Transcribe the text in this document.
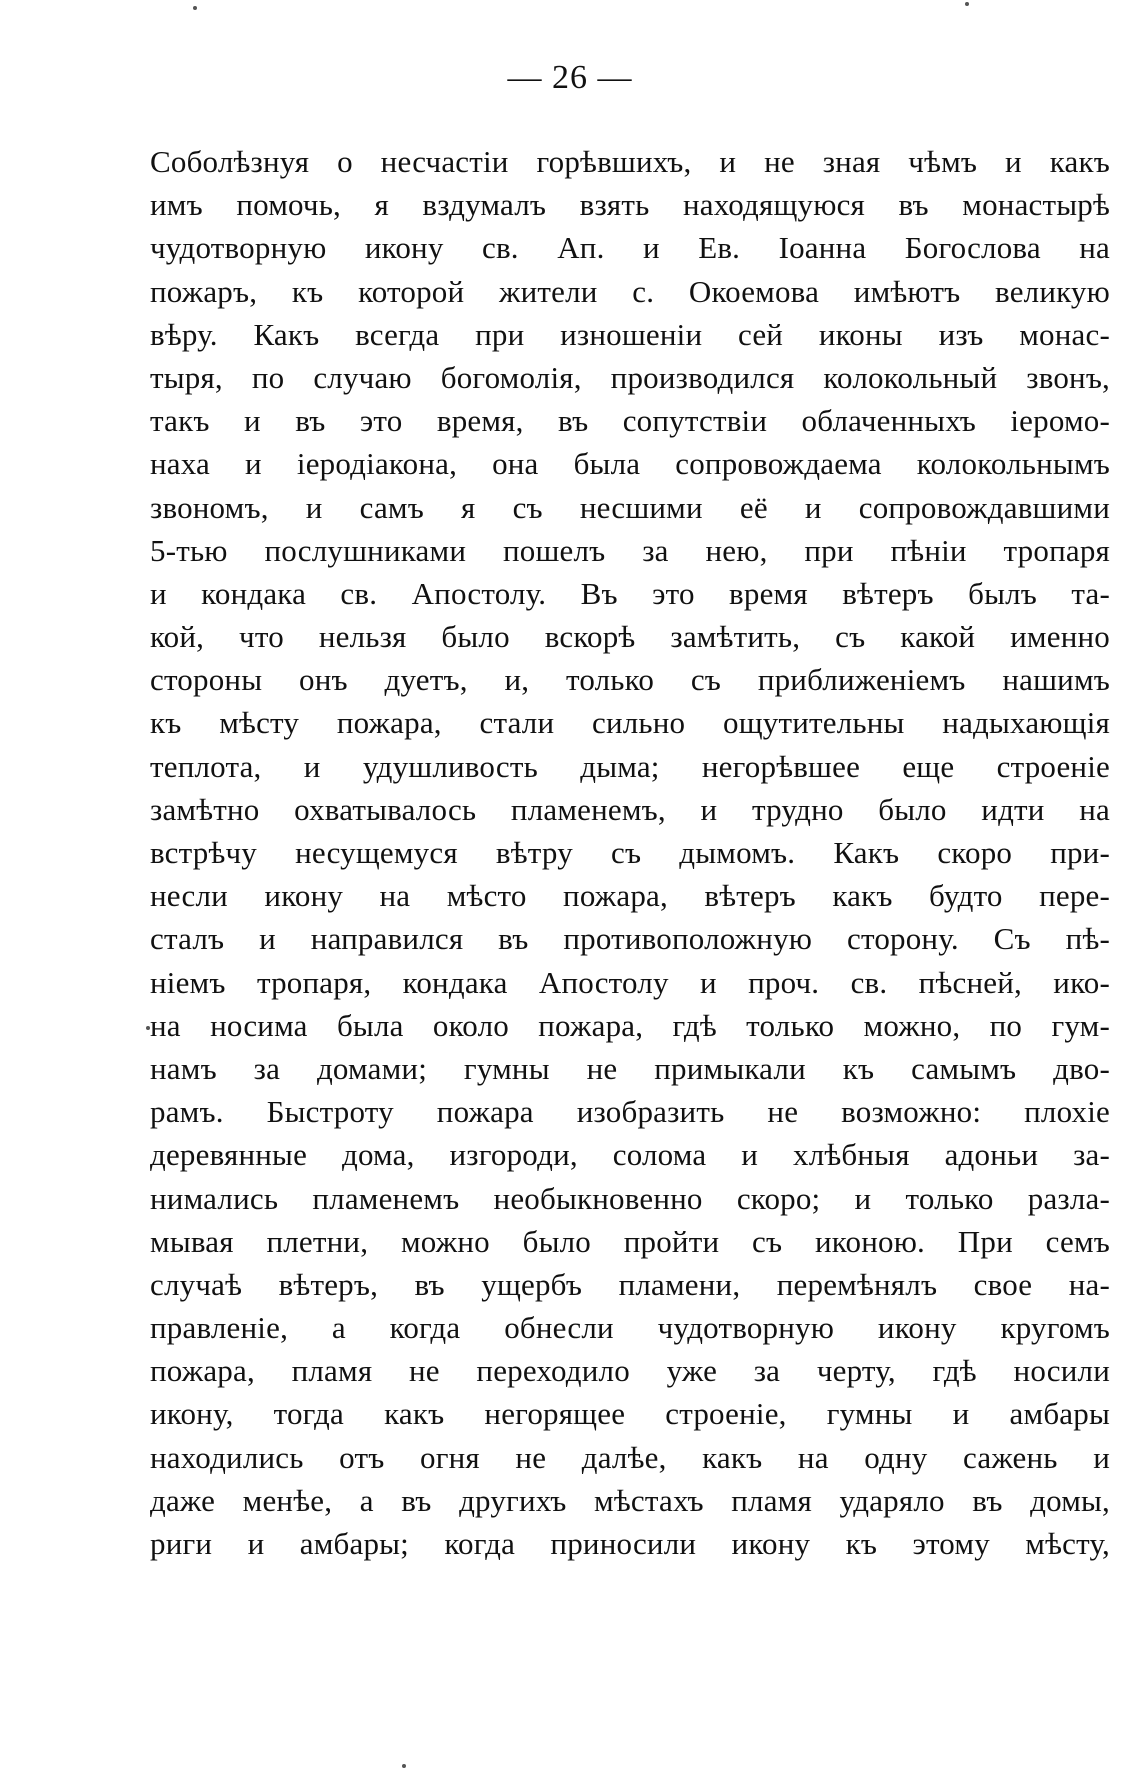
— 26 —
Соболѣзнуя о несчастіи горѣвшихъ, и не зная чѣмъ и какъ
имъ помочь, я вздумалъ взять находящуюся въ монастырѣ
чудотворную икону св. Ап. и Ев. Іоанна Богослова на
пожаръ, къ которой жители с. Окоемова имѣютъ великую
вѣру. Какъ всегда при изношеніи сей иконы изъ монас-
тыря, по случаю богомолія, производился колокольный звонъ,
такъ и въ это время, въ сопутствіи облаченныхъ іеромо-
наха и іеродіакона, она была сопровождаема колокольнымъ
звономъ, и самъ я съ несшими её и сопровождавшими
5-тью послушниками пошелъ за нею, при пѣніи тропаря
и кондака св. Апостолу. Въ это время вѣтеръ былъ та-
кой, что нельзя было вскорѣ замѣтить, съ какой именно
стороны онъ дуетъ, и, только съ приближеніемъ нашимъ
къ мѣсту пожара, стали сильно ощутительны надыхающія
теплота, и удушливость дыма; негорѣвшее еще строеніе
замѣтно охватывалось пламенемъ, и трудно было идти на
встрѣчу несущемуся вѣтру съ дымомъ. Какъ скоро при-
несли икону на мѣсто пожара, вѣтеръ какъ будто пере-
сталъ и направился въ противоположную сторону. Съ пѣ-
ніемъ тропаря, кондака Апостолу и проч. св. пѣсней, ико-
на носима была около пожара, гдѣ только можно, по гум-
намъ за домами; гумны не примыкали къ самымъ дво-
рамъ. Быстроту пожара изобразить не возможно: плохіе
деревянные дома, изгороди, солома и хлѣбныя адоньи за-
нимались пламенемъ необыкновенно скоро; и только разла-
мывая плетни, можно было пройти съ иконою. При семъ
случаѣ вѣтеръ, въ ущербъ пламени, перемѣнялъ свое на-
правленіе, а когда обнесли чудотворную икону кругомъ
пожара, пламя не переходило уже за черту, гдѣ носили
икону, тогда какъ негорящее строеніе, гумны и амбары
находились отъ огня не далѣе, какъ на одну сажень и
даже менѣе, а въ другихъ мѣстахъ пламя ударяло въ домы,
риги и амбары; когда приносили икону къ этому мѣсту,
